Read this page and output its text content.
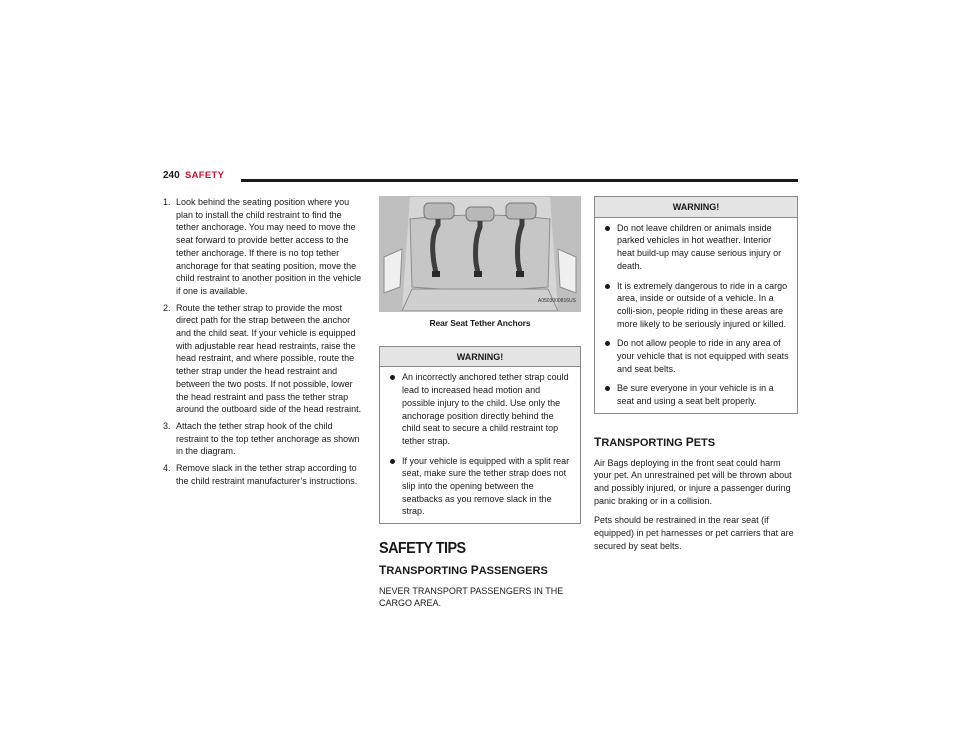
240 SAFETY
1. Look behind the seating position where you plan to install the child restraint to find the tether anchorage. You may need to move the seat forward to provide better access to the tether anchorage. If there is no top tether anchorage for that seating position, move the child restraint to another position in the vehicle if one is available.
2. Route the tether strap to provide the most direct path for the strap between the anchor and the child seat. If your vehicle is equipped with adjustable rear head restraints, raise the head restraint, and where possible, route the tether strap under the head restraint and between the two posts. If not possible, lower the head restraint and pass the tether strap around the outboard side of the head restraint.
3. Attach the tether strap hook of the child restraint to the top tether anchorage as shown in the diagram.
4. Remove slack in the tether strap according to the child restraint manufacturer’s instructions.
A0503000816US
Rear Seat Tether Anchors
WARNING!
An incorrectly anchored tether strap could lead to increased head motion and possible injury to the child. Use only the anchorage position directly behind the child seat to secure a child restraint top tether strap.
If your vehicle is equipped with a split rear seat, make sure the tether strap does not slip into the opening between the seatbacks as you remove slack in the strap.
SAFETY TIPS
TRANSPORTING PASSENGERS
NEVER TRANSPORT PASSENGERS IN THE CARGO AREA.
WARNING!
Do not leave children or animals inside parked vehicles in hot weather. Interior heat build-up may cause serious injury or death.
It is extremely dangerous to ride in a cargo area, inside or outside of a vehicle. In a colli-sion, people riding in these areas are more likely to be seriously injured or killed.
Do not allow people to ride in any area of your vehicle that is not equipped with seats and seat belts.
Be sure everyone in your vehicle is in a seat and using a seat belt properly.
TRANSPORTING PETS
Air Bags deploying in the front seat could harm your pet. An unrestrained pet will be thrown about and possibly injured, or injure a passenger during panic braking or in a collision.
Pets should be restrained in the rear seat (if equipped) in pet harnesses or pet carriers that are secured by seat belts.
